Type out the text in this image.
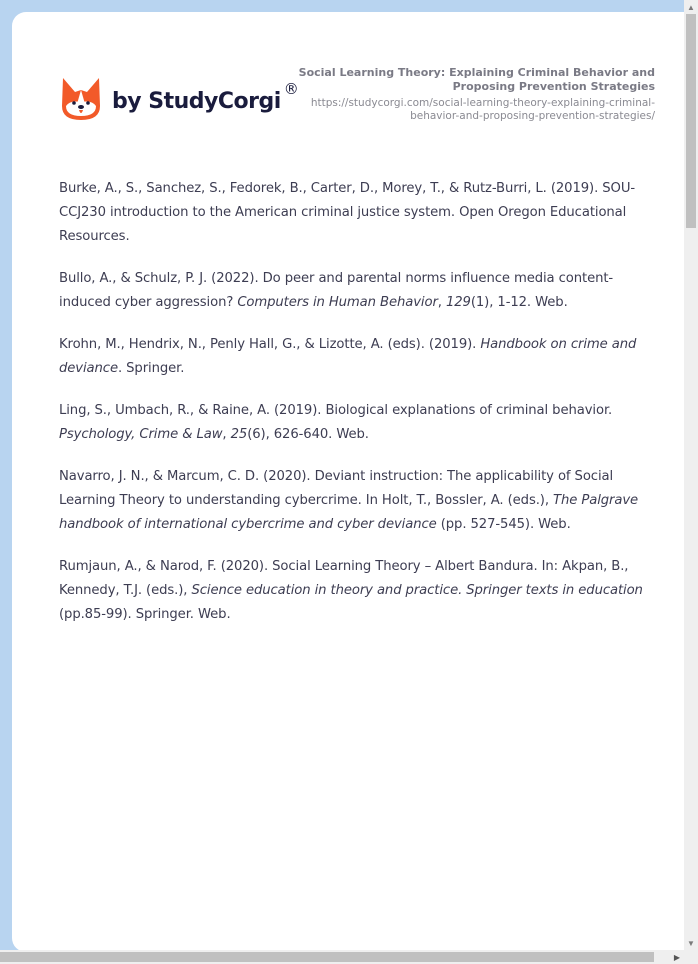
by StudyCorgi ®
Social Learning Theory: Explaining Criminal Behavior and Proposing Prevention Strategies
https://studycorgi.com/social-learning-theory-explaining-criminal-behavior-and-proposing-prevention-strategies/

Burke, A., S., Sanchez, S., Fedorek, B., Carter, D., Morey, T., & Rutz-Burri, L. (2019). SOU-CCJ230 introduction to the American criminal justice system. Open Oregon Educational Resources.

Bullo, A., & Schulz, P. J. (2022). Do peer and parental norms influence media content-induced cyber aggression? Computers in Human Behavior, 129(1), 1-12. Web.

Krohn, M., Hendrix, N., Penly Hall, G., & Lizotte, A. (eds). (2019). Handbook on crime and deviance. Springer.

Ling, S., Umbach, R., & Raine, A. (2019). Biological explanations of criminal behavior. Psychology, Crime & Law, 25(6), 626-640. Web.

Navarro, J. N., & Marcum, C. D. (2020). Deviant instruction: The applicability of Social Learning Theory to understanding cybercrime. In Holt, T., Bossler, A. (eds.), The Palgrave handbook of international cybercrime and cyber deviance (pp. 527-545). Web.

Rumjaun, A., & Narod, F. (2020). Social Learning Theory – Albert Bandura. In: Akpan, B., Kennedy, T.J. (eds.), Science education in theory and practice. Springer texts in education (pp.85-99). Springer. Web.

▲
▼
▶
